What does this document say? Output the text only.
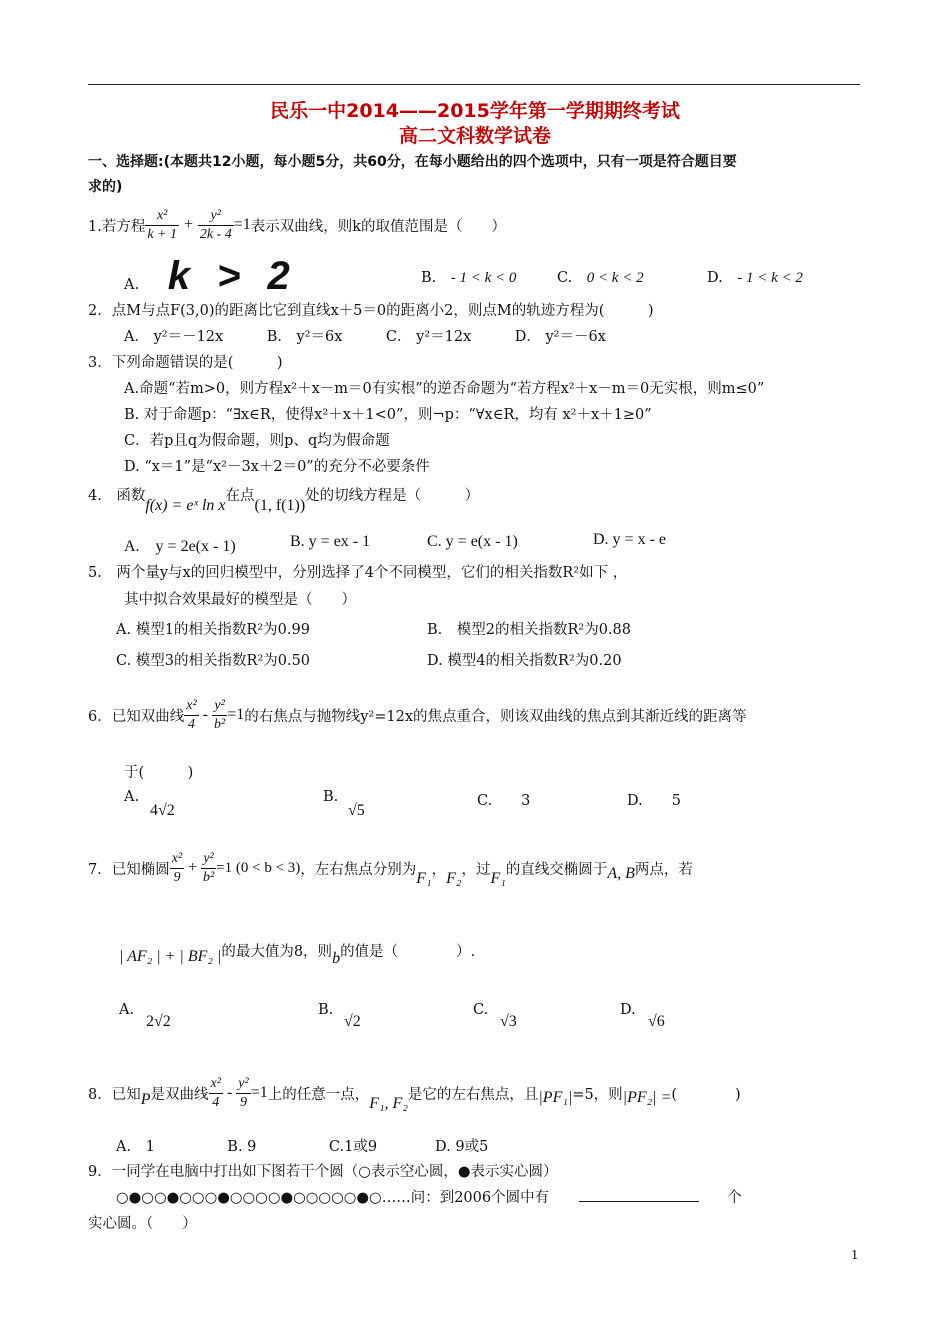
民乐一中2014——2015学年第一学期期终考试
高二文科数学试卷
一、选择题:(本题共12小题，每小题5分，共60分，在每小题给出的四个选项中，只有一项是符合题目要
求的)
1.若方程 $\frac{\text{x²}}{k + 1} + \frac{\text{y²}}{2k - 4} =1$ 表示双曲线，则k的取值范围是（　　）
A. k > 2	B.　 - 1 < k < 0	C.　 0 < k < 2	D.　 - 1 < k < 2
2．点M与点F(3,0)的距离比它到直线x＋5＝0的距离小2，则点M的轨迹方程为(　　　)
A． y²＝－12x　　　B． y²＝6x　　　C． y²＝12x　　　D． y²＝－6x
3．下列命题错误的是(　　　)
A.命题“若m>0，则方程x²＋x－m＝0有实根”的逆否命题为“若方程x²＋x－m＝0无实根，则m≤0”
B. 对于命题p：“∃x∈R，使得x²＋x＋1<0”，则¬p：“∀x∈R，均有 x²＋x＋1≥0”
C．若p且q为假命题，则p、q均为假命题
D. “x＝1”是“x²－3x＋2＝0”的充分不必要条件
4.　函数
f(x) = eˣ ln x
在点
(1, f(1))
处的切线方程是（　　　）
A.　y = 2e(x - 1)	B. y = ex - 1	C. y = e(x - 1)	D. y = x - e
5.　两个量y与x的回归模型中，分别选择了4个不同模型，它们的相关指数R²如下 ，
其中拟合效果最好的模型是（　　）
A. 模型1的相关指数R²为0.99	B.　模型2的相关指数R²为0.88
C. 模型3的相关指数R²为0.50	D. 模型4的相关指数R²为0.20
6．已知双曲线 $\frac{\text{x²}}{4} - \frac{\text{y²}}{\text{b²}} =1$ 的右焦点与抛物线y²=12x的焦点重合，则该双曲线的焦点到其渐近线的距离等
于(　　　)
A.
4√2
B.
√5
C.　　3	D.　　5
7．已知椭圆 $\frac{\text{x²}}{9} + \frac{\text{y²}}{\text{b²}} =1$ (0 < b < 3) ，左右焦点分别为
F₁
，
F₂
，过
F₁
的直线交椭圆于 A, B 两点，若
| AF₂ | + | BF₂ | 的最大值为8，则 b 的值是（　　　　）.
A.
2√2
B.
√2
C.
√3
D.
√6
8．已知 P 是双曲线 $\frac{\text{x²}}{4} - \frac{\text{y²}}{9} =1$ 上的任意一点，
F₁, F₂
是它的左右焦点，且 |PF₁| =5，则 |PF₂| = (　　　　)
A.　1　　　　　B. 9　　　　　C.1或9　　　　D. 9或5
9．一同学在电脑中打出如下图若干个圆（○表示空心圆，●表示实心圆）
○●○○●○○○●○○○○●○○○○○●○……问：到2006个圆中有	个
实心圆。（　　）
1
